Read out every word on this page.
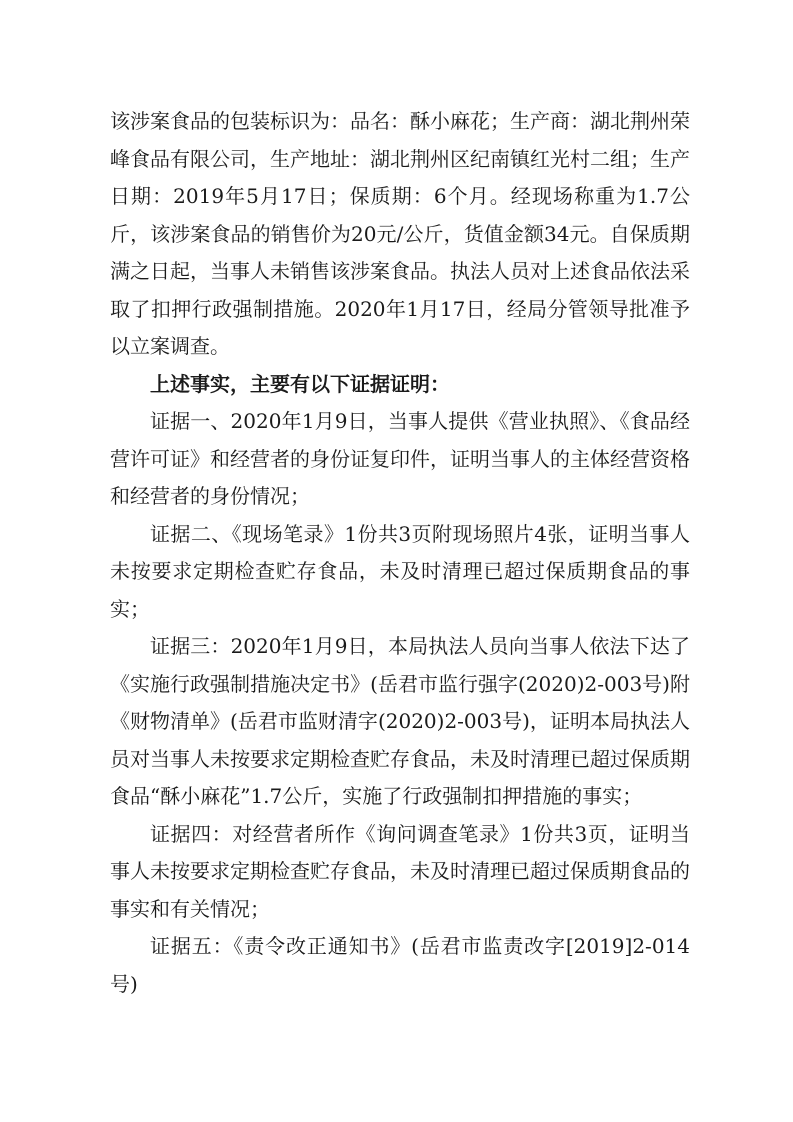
该涉案食品的包装标识为：品名：酥小麻花；生产商：湖北荆州荣峰食品有限公司，生产地址：湖北荆州区纪南镇红光村二组；生产日期：2019年5月17日；保质期：6个月。经现场称重为1.7公斤，该涉案食品的销售价为20元/公斤，货值金额34元。自保质期满之日起，当事人未销售该涉案食品。执法人员对上述食品依法采取了扣押行政强制措施。2020年1月17日，经局分管领导批准予以立案调查。

上述事实，主要有以下证据证明：

证据一、2020年1月9日，当事人提供《营业执照》、《食品经营许可证》和经营者的身份证复印件，证明当事人的主体经营资格和经营者的身份情况；

证据二、《现场笔录》1份共3页附现场照片4张，证明当事人未按要求定期检查贮存食品，未及时清理已超过保质期食品的事实；

证据三：2020年1月9日，本局执法人员向当事人依法下达了《实施行政强制措施决定书》(岳君市监行强字(2020)2-003号)附《财物清单》(岳君市监财清字(2020)2-003号)，证明本局执法人员对当事人未按要求定期检查贮存食品，未及时清理已超过保质期食品“酥小麻花”1.7公斤，实施了行政强制扣押措施的事实；

证据四：对经营者所作《询问调查笔录》1份共3页，证明当事人未按要求定期检查贮存食品，未及时清理已超过保质期食品的事实和有关情况；

证据五：《责令改正通知书》(岳君市监责改字[2019]2-014号)
